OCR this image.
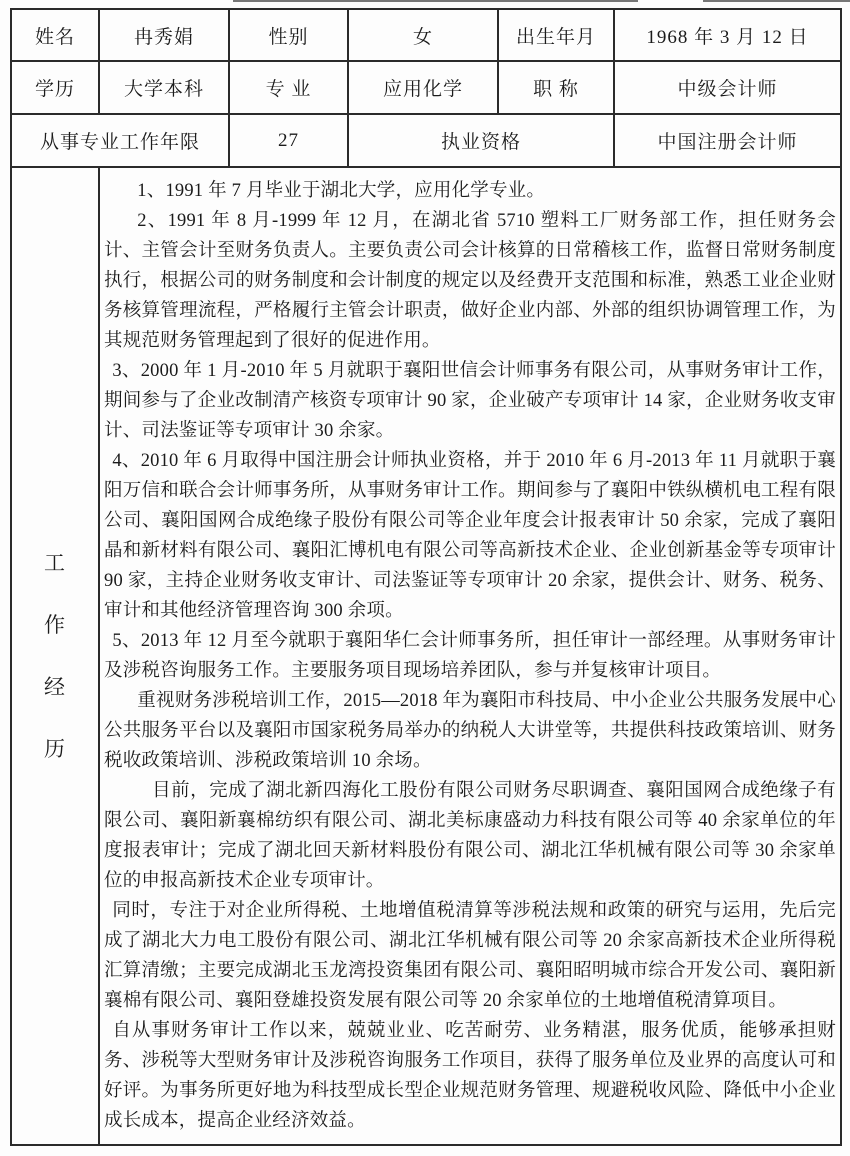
姓名	冉秀娟	性别	女	出生年月	1968 年 3 月 12 日
学历	大学本科	专 业	应用化学	职 称	中级会计师
从事专业工作年限		27	执业资格		中国注册会计师

工
作
经
历

1、1991 年 7 月毕业于湖北大学，应用化学专业。

2、1991 年 8 月-1999 年 12 月，在湖北省 5710 塑料工厂财务部工作，担任财务会计、主管会计至财务负责人。主要负责公司会计核算的日常稽核工作，监督日常财务制度执行，根据公司的财务制度和会计制度的规定以及经费开支范围和标准，熟悉工业企业财务核算管理流程，严格履行主管会计职责，做好企业内部、外部的组织协调管理工作，为其规范财务管理起到了很好的促进作用。

3、2000 年 1 月-2010 年 5 月就职于襄阳世信会计师事务有限公司，从事财务审计工作，期间参与了企业改制清产核资专项审计 90 家，企业破产专项审计 14 家，企业财务收支审计、司法鉴证等专项审计 30 余家。

4、2010 年 6 月取得中国注册会计师执业资格，并于 2010 年 6 月-2013 年 11 月就职于襄阳万信和联合会计师事务所，从事财务审计工作。期间参与了襄阳中铁纵横机电工程有限公司、襄阳国网合成绝缘子股份有限公司等企业年度会计报表审计 50 余家，完成了襄阳晶和新材料有限公司、襄阳汇博机电有限公司等高新技术企业、企业创新基金等专项审计 90 家，主持企业财务收支审计、司法鉴证等专项审计 20 余家，提供会计、财务、税务、审计和其他经济管理咨询 300 余项。

5、2013 年 12 月至今就职于襄阳华仁会计师事务所，担任审计一部经理。从事财务审计及涉税咨询服务工作。主要服务项目现场培养团队，参与并复核审计项目。

重视财务涉税培训工作，2015—2018 年为襄阳市科技局、中小企业公共服务发展中心公共服务平台以及襄阳市国家税务局举办的纳税人大讲堂等，共提供科技政策培训、财务税收政策培训、涉税政策培训 10 余场。

目前，完成了湖北新四海化工股份有限公司财务尽职调查、襄阳国网合成绝缘子有限公司、襄阳新襄棉纺织有限公司、湖北美标康盛动力科技有限公司等 40 余家单位的年度报表审计；完成了湖北回天新材料股份有限公司、湖北江华机械有限公司等 30 余家单位的申报高新技术企业专项审计。

同时，专注于对企业所得税、土地增值税清算等涉税法规和政策的研究与运用，先后完成了湖北大力电工股份有限公司、湖北江华机械有限公司等 20 余家高新技术企业所得税汇算清缴；主要完成湖北玉龙湾投资集团有限公司、襄阳昭明城市综合开发公司、襄阳新襄棉有限公司、襄阳登雄投资发展有限公司等 20 余家单位的土地增值税清算项目。

自从事财务审计工作以来，兢兢业业、吃苦耐劳、业务精湛，服务优质，能够承担财务、涉税等大型财务审计及涉税咨询服务工作项目，获得了服务单位及业界的高度认可和好评。为事务所更好地为科技型成长型企业规范财务管理、规避税收风险、降低中小企业成长成本，提高企业经济效益。
